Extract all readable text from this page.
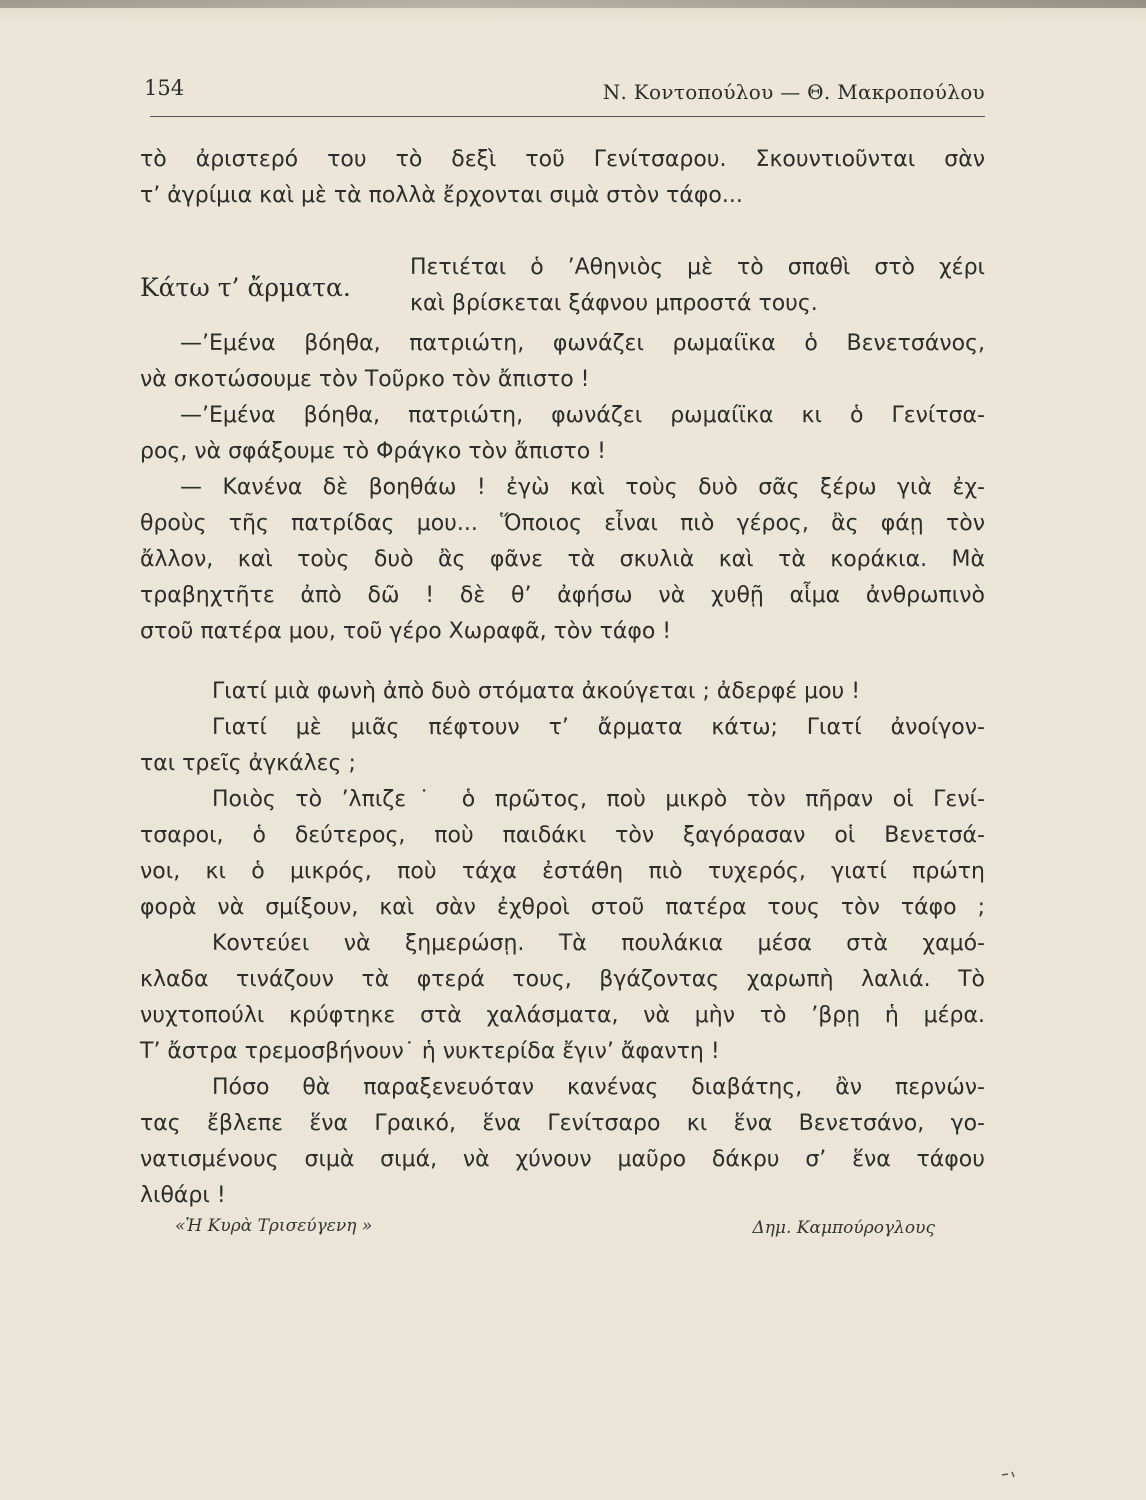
154	Ν. Κοντοπούλου — Θ. Μακροπούλου
τὸ ἀριστερό του τὸ δεξὶ τοῦ Γενίτσαρου. Σκουντιοῦνται σὰν
τ’ ἀγρίμια καὶ μὲ τὰ πολλὰ ἔρχονται σιμὰ στὸν τάφο...
Κάτω τ’ ἄρματα.
Πετιέται ὁ ’Αθηνιὸς μὲ τὸ σπαθὶ στὸ χέρι
καὶ βρίσκεται ξάφνου μπροστά τους.
—’Εμένα βόηθα, πατριώτη, φωνάζει ρωμαίϊκα ὁ Βενετσάνος,
νὰ σκοτώσουμε τὸν Τοῦρκο τὸν ἄπιστο !
—’Εμένα βόηθα, πατριώτη, φωνάζει ρωμαίϊκα κι ὁ Γενίτσα-
ρος, νὰ σφάξουμε τὸ Φράγκο τὸν ἄπιστο !
— Κανένα δὲ βοηθάω ! ἐγὼ καὶ τοὺς δυὸ σᾶς ξέρω γιὰ ἐχ-
θροὺς τῆς πατρίδας μου... Ὅποιος εἶναι πιὸ γέρος, ἂς φάῃ τὸν
ἄλλον, καὶ τοὺς δυὸ ἂς φᾶνε τὰ σκυλιὰ καὶ τὰ κοράκια. Μὰ
τραβηχτῆτε ἀπὸ δῶ ! δὲ θ’ ἀφήσω νὰ χυθῇ αἷμα ἀνθρωπινὸ
στοῦ πατέρα μου, τοῦ γέρο Χωραφᾶ, τὸν τάφο !
Γιατί μιὰ φωνὴ ἀπὸ δυὸ στόματα ἀκούγεται ; ἀδερφέ μου !
Γιατί μὲ μιᾶς πέφτουν τ’ ἄρματα κάτω; Γιατί ἀνοίγον-
ται τρεῖς ἀγκάλες ;
Ποιὸς τὸ ’λπιζε˙ ὁ πρῶτος, ποὺ μικρὸ τὸν πῆραν οἱ Γενί-
τσαροι, ὁ δεύτερος, ποὺ παιδάκι τὸν ξαγόρασαν οἱ Βενετσά-
νοι, κι ὁ μικρός, ποὺ τάχα ἐστάθη πιὸ τυχερός, γιατί πρώτη
φορὰ νὰ σμίξουν, καὶ σὰν ἐχθροὶ στοῦ πατέρα τους τὸν τάφο ;
Κοντεύει νὰ ξημερώσῃ. Τὰ πουλάκια μέσα στὰ χαμό-
κλαδα τινάζουν τὰ φτερά τους, βγάζοντας χαρωπὴ λαλιά. Τὸ
νυχτοπούλι κρύφτηκε στὰ χαλάσματα, νὰ μὴν τὸ ’βρῃ ἡ μέρα.
Τ’ ἄστρα τρεμοσβήνουν˙ ἡ νυκτερίδα ἔγιν’ ἄφαντη !
Πόσο θὰ παραξενευόταν κανένας διαβάτης, ἂν περνών-
τας ἔβλεπε ἕνα Γραικό, ἕνα Γενίτσαρο κι ἕνα Βενετσάνο, γο-
νατισμένους σιμὰ σιμά, νὰ χύνουν μαῦρο δάκρυ σ’ ἕνα τάφου
λιθάρι !
«Ἡ Κυρὰ Τρισεύγενη »	Δημ. Καμπούρογλους
